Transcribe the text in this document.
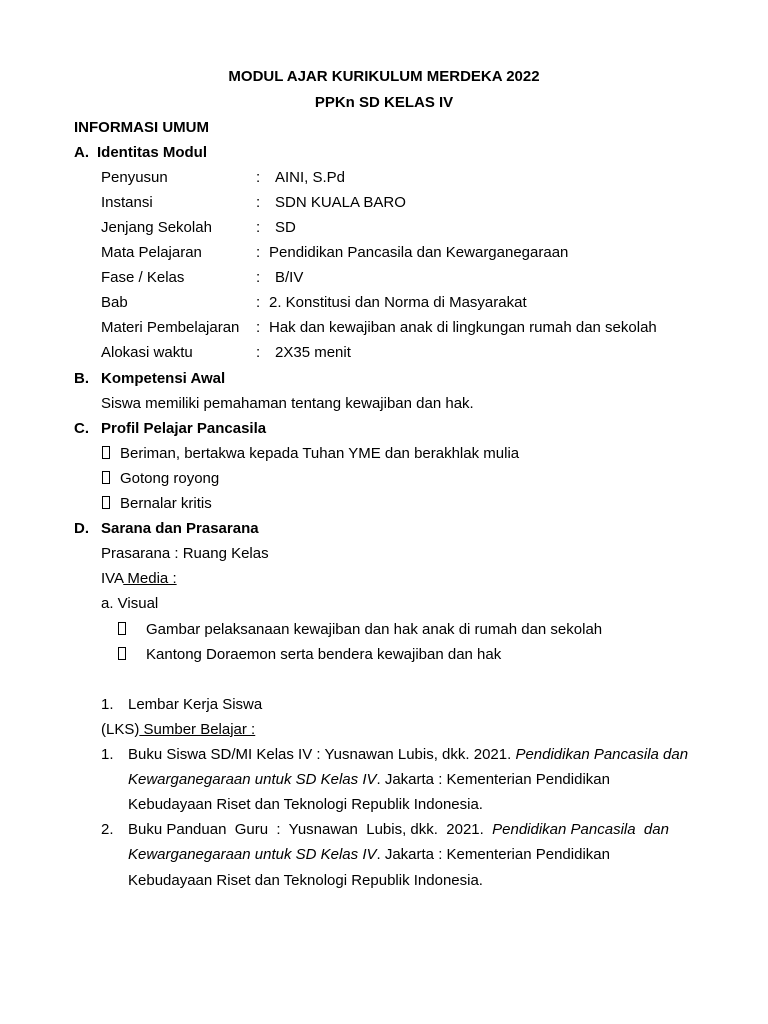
MODUL AJAR KURIKULUM MERDEKA 2022
PPKn SD KELAS IV
INFORMASI UMUM
A. Identitas Modul
Penyusun	: AINI, S.Pd
Instansi	: SDN KUALA BARO
Jenjang Sekolah	: SD
Mata Pelajaran	: Pendidikan Pancasila dan Kewarganegaraan
Fase / Kelas	: B/IV
Bab	: 2. Konstitusi dan Norma di Masyarakat
Materi Pembelajaran : Hak dan kewajiban anak di lingkungan rumah dan sekolah
Alokasi waktu	: 2X35 menit
B. Kompetensi Awal
Siswa memiliki pemahaman tentang kewajiban dan hak.
C. Profil Pelajar Pancasila
Beriman, bertakwa kepada Tuhan YME dan berakhlak mulia
Gotong royong
Bernalar kritis
D. Sarana dan Prasarana
Prasarana : Ruang Kelas
IVA Media :
a. Visual
Gambar pelaksanaan kewajiban dan hak anak di rumah dan sekolah
Kantong Doraemon serta bendera kewajiban dan hak
1. Lembar Kerja Siswa
(LKS) Sumber Belajar :
1. Buku Siswa SD/MI Kelas IV : Yusnawan Lubis, dkk. 2021. Pendidikan Pancasila dan
Kewarganegaraan untuk SD Kelas IV. Jakarta : Kementerian Pendidikan
Kebudayaan Riset dan Teknologi Republik Indonesia.
2. Buku Panduan  Guru  :  Yusnawan  Lubis, dkk.  2021.  Pendidikan Pancasila  dan
Kewarganegaraan untuk SD Kelas IV. Jakarta : Kementerian Pendidikan
Kebudayaan Riset dan Teknologi Republik Indonesia.
